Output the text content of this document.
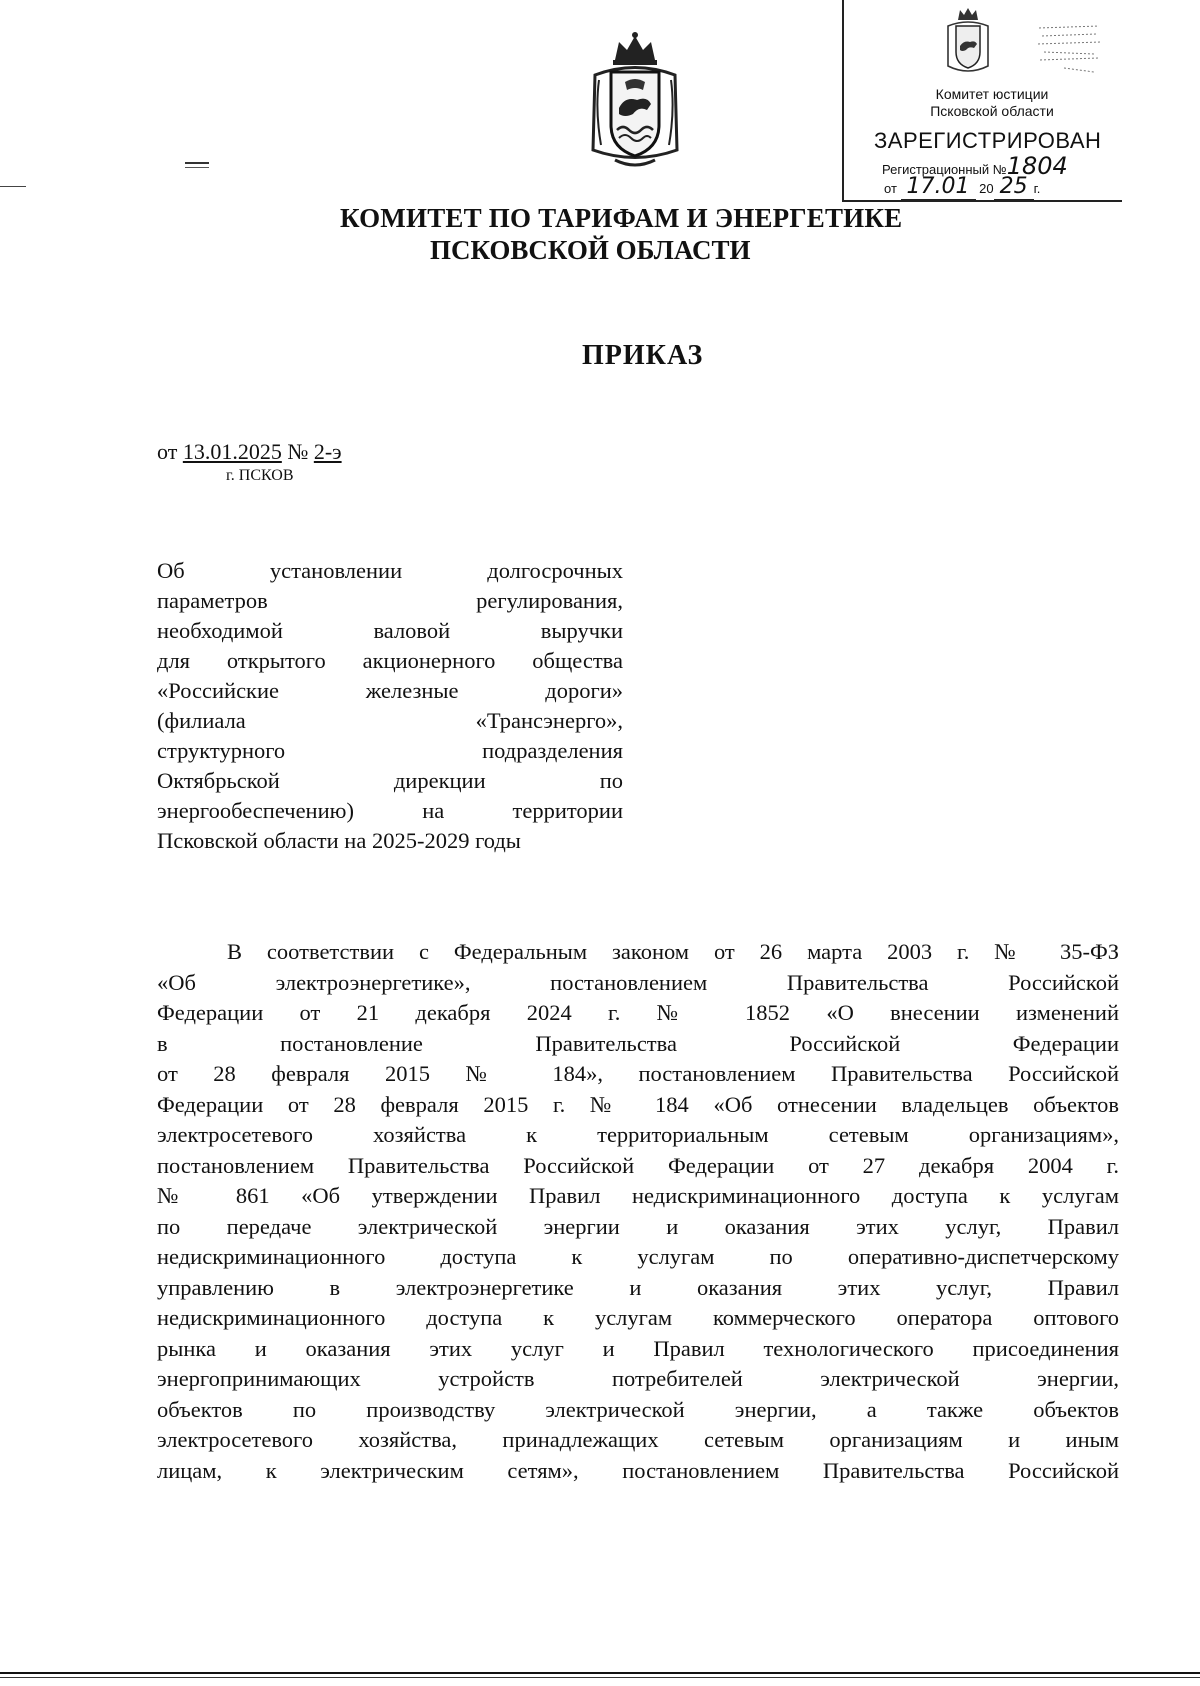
Комитет юстиции
Псковской области
ЗАРЕГИСТРИРОВАН
Регистрационный №1804
от 17.01 20 25 г.
КОМИТЕТ ПО ТАРИФАМ И ЭНЕРГЕТИКЕ
ПСКОВСКОЙ ОБЛАСТИ
ПРИКАЗ
от 13.01.2025 № 2-э
г. ПСКОВ
Об установлении долгосрочных
параметров регулирования,
необходимой валовой выручки
для открытого акционерного общества
«Российские железные дороги»
(филиала «Трансэнерго»,
структурного подразделения
Октябрьской дирекции по
энергообеспечению) на территории
Псковской области на 2025-2029 годы
В соответствии с Федеральным законом от 26 марта 2003 г. № 35-ФЗ
«Об электроэнергетике», постановлением Правительства Российской
Федерации от 21 декабря 2024 г. № 1852 «О внесении изменений
в постановление Правительства Российской Федерации
от 28 февраля 2015 № 184», постановлением Правительства Российской
Федерации от 28 февраля 2015 г. № 184 «Об отнесении владельцев объектов
электросетевого хозяйства к территориальным сетевым организациям»,
постановлением Правительства Российской Федерации от 27 декабря 2004 г.
№ 861 «Об утверждении Правил недискриминационного доступа к услугам
по передаче электрической энергии и оказания этих услуг, Правил
недискриминационного доступа к услугам по оперативно-диспетчерскому
управлению в электроэнергетике и оказания этих услуг, Правил
недискриминационного доступа к услугам коммерческого оператора оптового
рынка и оказания этих услуг и Правил технологического присоединения
энергопринимающих устройств потребителей электрической энергии,
объектов по производству электрической энергии, а также объектов
электросетевого хозяйства, принадлежащих сетевым организациям и иным
лицам, к электрическим сетям», постановлением Правительства Российской
